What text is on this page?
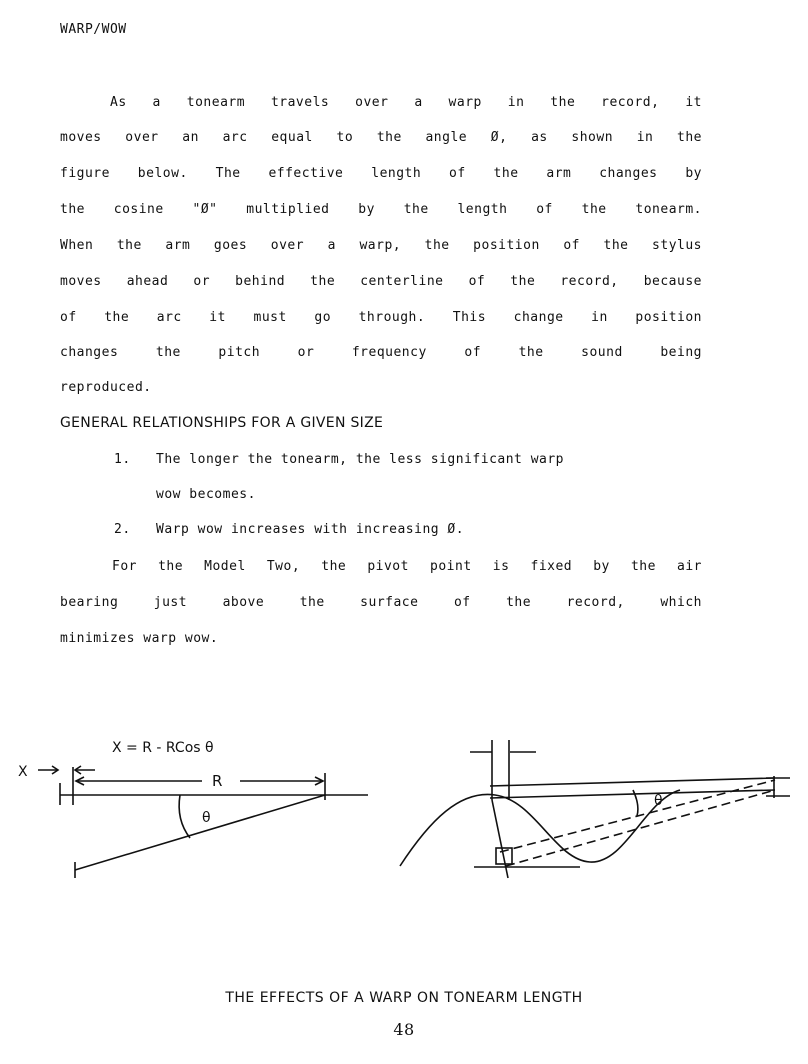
WARP/WOW
As a tonearm travels over a warp in the record, it
moves over an arc equal to the angle Ø, as shown in the
figure below. The effective length of the arm changes by
the cosine "Ø" multiplied by the length of the tonearm.
When the arm goes over a warp, the position of the stylus
moves ahead or behind the centerline of the record, because
of the arc it must go through. This change in position
changes the pitch or frequency of the sound being
reproduced.
GENERAL RELATIONSHIPS FOR A GIVEN SIZE
1. The longer the tonearm, the less significant warp
wow becomes.
2. Warp wow increases with increasing Ø.
For the Model Two, the pivot point is fixed by the air
bearing just above the surface of the record, which
minimizes warp wow.
X = R - RCos θ
X	R
θ
θ
THE EFFECTS OF A WARP ON TONEARM LENGTH
48
